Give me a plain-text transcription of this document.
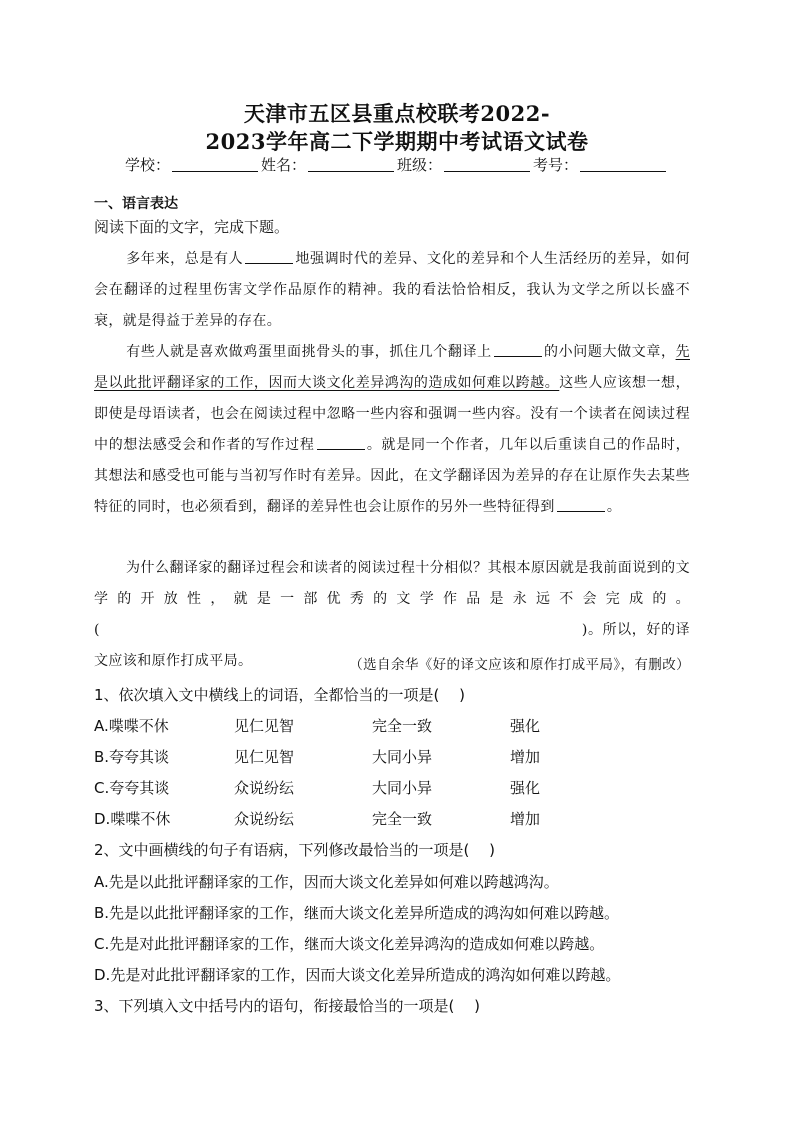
天津市五区县重点校联考2022-
2023学年高二下学期期中考试语文试卷
学校：	姓名：	班级：	考号：
一、语言表达
阅读下面的文字，完成下题。
多年来，总是有人	地强调时代的差异、文化的差异和个人生活经历的差异，如何会在翻译的过程里伤害文学作品原作的精神。我的看法恰恰相反，我认为文学之所以长盛不衰，就是得益于差异的存在。
有些人就是喜欢做鸡蛋里面挑骨头的事，抓住几个翻译上	的小问题大做文章，先是以此批评翻译家的工作，因而大谈文化差异鸿沟的造成如何难以跨越。这些人应该想一想，即使是母语读者，也会在阅读过程中忽略一些内容和强调一些内容。没有一个读者在阅读过程中的想法感受会和作者的写作过程	。就是同一个作者，几年以后重读自己的作品时，其想法和感受也可能与当初写作时有差异。因此，在文学翻译因为差异的存在让原作失去某些特征的同时，也必须看到，翻译的差异性也会让原作的另外一些特征得到	。
为什么翻译家的翻译过程会和读者的阅读过程十分相似？其根本原因就是我前面说到的文学的开放性，就是一部优秀的文学作品是永远不会完成的。(　　　　　　　　　　　　　　　　　　　　　　　　　　　　　　　　　)。所以，好的译文应该和原作打成平局。	（选自余华《好的译文应该和原作打成平局》，有删改）
1、依次填入文中横线上的词语，全都恰当的一项是(　 )
A.喋喋不休	见仁见智	完全一致	强化
B.夸夸其谈	见仁见智	大同小异	增加
C.夸夸其谈	众说纷纭	大同小异	强化
D.喋喋不休	众说纷纭	完全一致	增加
2、文中画横线的句子有语病，下列修改最恰当的一项是(　 )
A.先是以此批评翻译家的工作，因而大谈文化差异如何难以跨越鸿沟。
B.先是以此批评翻译家的工作，继而大谈文化差异所造成的鸿沟如何难以跨越。
C.先是对此批评翻译家的工作，继而大谈文化差异鸿沟的造成如何难以跨越。
D.先是对此批评翻译家的工作，因而大谈文化差异所造成的鸿沟如何难以跨越。
3、下列填入文中括号内的语句，衔接最恰当的一项是(　 )
